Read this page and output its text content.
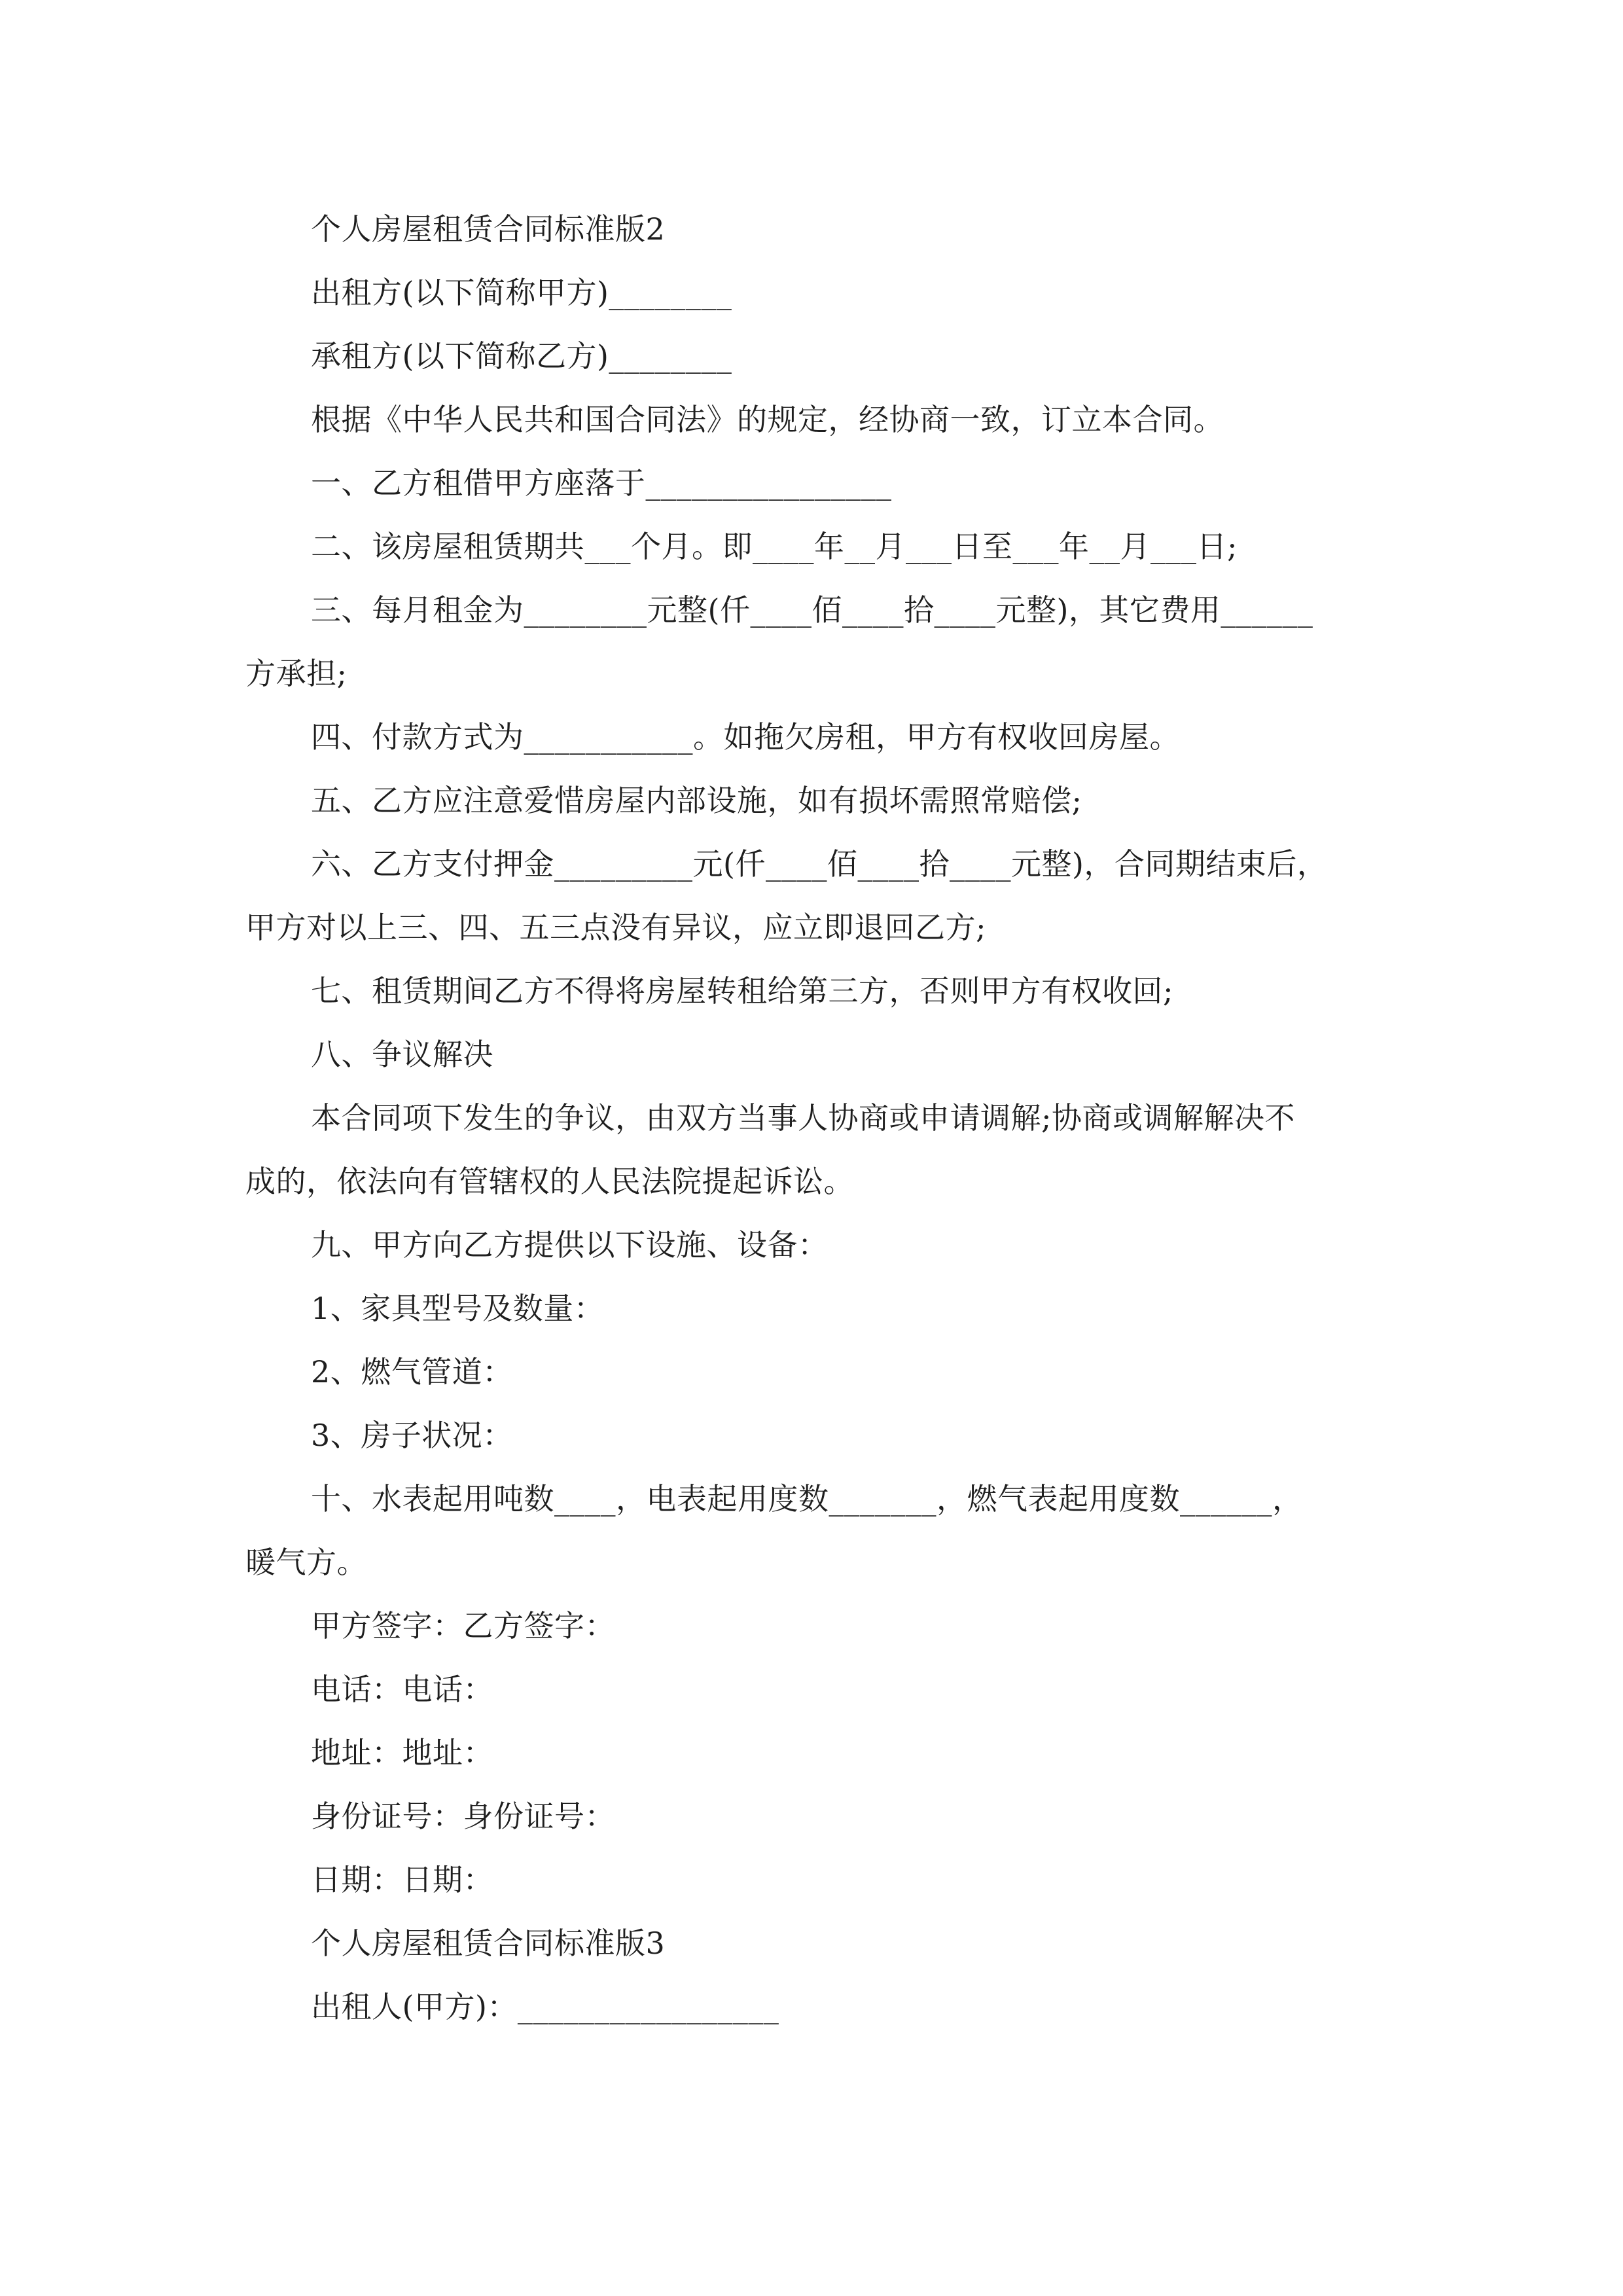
个人房屋租赁合同标准版2
出租方(以下简称甲方)________
承租方(以下简称乙方)________
根据《中华人民共和国合同法》的规定，经协商一致，订立本合同。
一、乙方租借甲方座落于________________
二、该房屋租赁期共___个月。即____年__月___日至___年__月___日;
三、每月租金为________元整(仟____佰____拾____元整)，其它费用______
方承担;
四、付款方式为___________。如拖欠房租，甲方有权收回房屋。
五、乙方应注意爱惜房屋内部设施，如有损坏需照常赔偿;
六、乙方支付押金_________元(仟____佰____拾____元整)，合同期结束后，
甲方对以上三、四、五三点没有异议，应立即退回乙方;
七、租赁期间乙方不得将房屋转租给第三方，否则甲方有权收回;
八、争议解决
本合同项下发生的争议，由双方当事人协商或申请调解;协商或调解解决不
成的，依法向有管辖权的人民法院提起诉讼。
九、甲方向乙方提供以下设施、设备：
1、家具型号及数量：
2、燃气管道：
3、房子状况：
十、水表起用吨数____，电表起用度数_______，燃气表起用度数______，
暖气方。
甲方签字：乙方签字：
电话：电话：
地址：地址：
身份证号：身份证号：
日期：日期：
个人房屋租赁合同标准版3
出租人(甲方)：_________________
